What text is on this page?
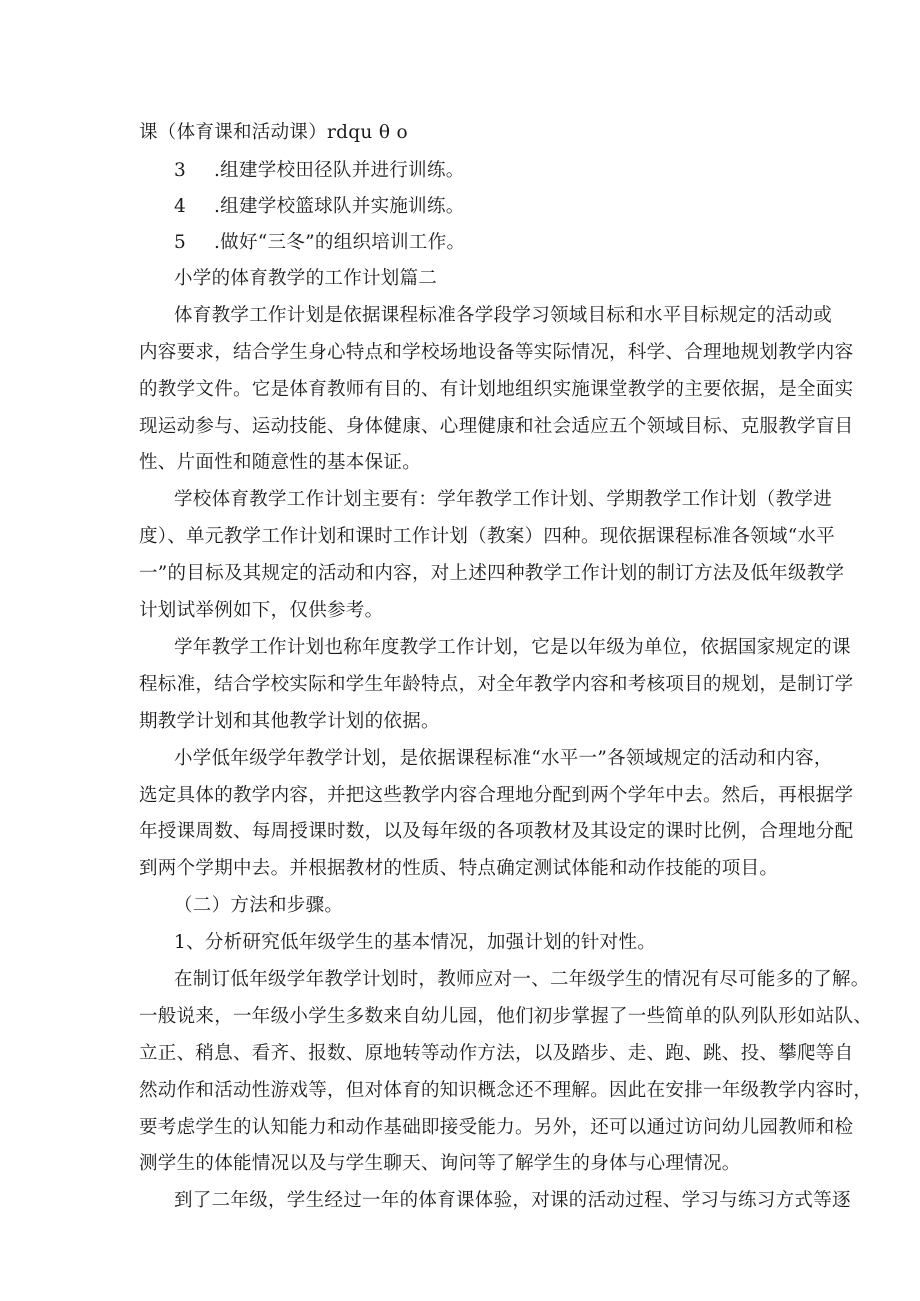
课（体育课和活动课）rdqu θ o
3 .组建学校田径队并进行训练。
4 .组建学校篮球队并实施训练。
5 .做好“三冬”的组织培训工作。
小学的体育教学的工作计划篇二
体育教学工作计划是依据课程标准各学段学习领域目标和水平目标规定的活动或
内容要求，结合学生身心特点和学校场地设备等实际情况，科学、合理地规划教学内容
的教学文件。它是体育教师有目的、有计划地组织实施课堂教学的主要依据，是全面实
现运动参与、运动技能、身体健康、心理健康和社会适应五个领域目标、克服教学盲目
性、片面性和随意性的基本保证。
学校体育教学工作计划主要有：学年教学工作计划、学期教学工作计划（教学进
度）、单元教学工作计划和课时工作计划（教案）四种。现依据课程标准各领域“水平
一”的目标及其规定的活动和内容，对上述四种教学工作计划的制订方法及低年级教学
计划试举例如下，仅供参考。
学年教学工作计划也称年度教学工作计划，它是以年级为单位，依据国家规定的课
程标准，结合学校实际和学生年龄特点，对全年教学内容和考核项目的规划，是制订学
期教学计划和其他教学计划的依据。
小学低年级学年教学计划，是依据课程标准“水平一”各领域规定的活动和内容，
选定具体的教学内容，并把这些教学内容合理地分配到两个学年中去。然后，再根据学
年授课周数、每周授课时数，以及每年级的各项教材及其设定的课时比例，合理地分配
到两个学期中去。并根据教材的性质、特点确定测试体能和动作技能的项目。
（二）方法和步骤。
1、分析研究低年级学生的基本情况，加强计划的针对性。
在制订低年级学年教学计划时，教师应对一、二年级学生的情况有尽可能多的了解。
一般说来，一年级小学生多数来自幼儿园，他们初步掌握了一些简单的队列队形如站队、
立正、稍息、看齐、报数、原地转等动作方法，以及踏步、走、跑、跳、投、攀爬等自
然动作和活动性游戏等，但对体育的知识概念还不理解。因此在安排一年级教学内容时，
要考虑学生的认知能力和动作基础即接受能力。另外，还可以通过访问幼儿园教师和检
测学生的体能情况以及与学生聊天、询问等了解学生的身体与心理情况。
到了二年级，学生经过一年的体育课体验，对课的活动过程、学习与练习方式等逐
